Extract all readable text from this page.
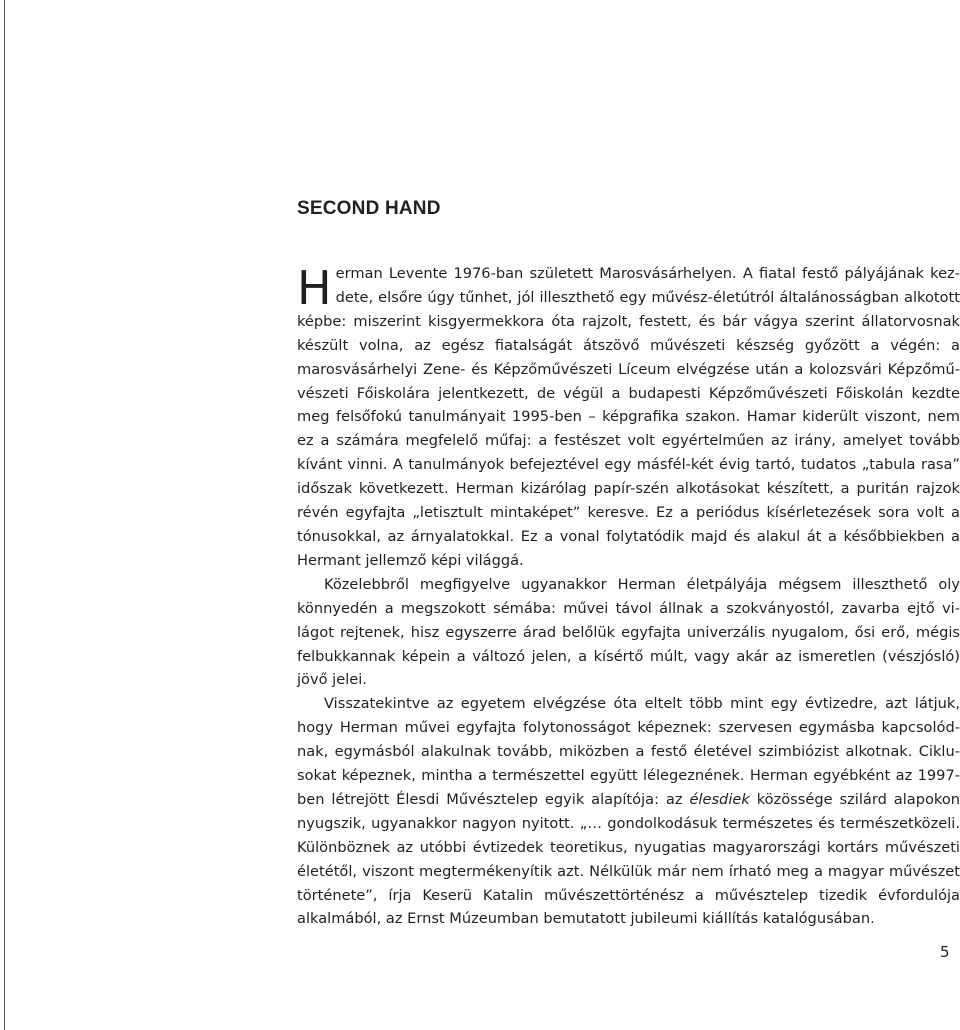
SECOND HAND

Herman Levente 1976-ban született Marosvásárhelyen. A fiatal festő pályájának kezdete, elsőre úgy tűnhet, jól illeszthető egy művész-életútról általánosságban alkotott képbe: miszerint kisgyermekkora óta rajzolt, festett, és bár vágya szerint állatorvosnak készült volna, az egész fiatalságát átszövő művészeti készség győzött a végén: a marosvásárhelyi Zene- és Képzőművészeti Líceum elvégzése után a kolozsvári Képzőművészeti Főiskolára jelentkezett, de végül a budapesti Képzőművészeti Főiskolán kezdte meg felsőfokú tanulmányait 1995-ben – képgrafika szakon. Hamar kiderült viszont, nem ez a számára megfelelő műfaj: a festészet volt egyértelműen az irány, amelyet tovább kívánt vinni. A tanulmányok befejeztével egy másfél-két évig tartó, tudatos „tabula rasa” időszak következett. Herman kizárólag papír-szén alkotásokat készített, a puritán rajzok révén egyfajta „letisztult mintaképet” keresve. Ez a periódus kísérletezések sora volt a tónusokkal, az árnyalatokkal. Ez a vonal folytatódik majd és alakul át a későbbiekben a Hermant jellemző képi világgá.

Közelebbről megfigyelve ugyanakkor Herman életpályája mégsem illeszthető oly könnyedén a megszokott sémába: művei távol állnak a szokványostól, zavarba ejtő világot rejtenek, hisz egyszerre árad belőlük egyfajta univerzális nyugalom, ősi erő, mégis felbukkannak képein a változó jelen, a kísértő múlt, vagy akár az ismeretlen (vészjósló) jövő jelei.

Visszatekintve az egyetem elvégzése óta eltelt több mint egy évtizedre, azt látjuk, hogy Herman művei egyfajta folytonosságot képeznek: szervesen egymásba kapcsolódnak, egymásból alakulnak tovább, miközben a festő életével szimbiózist alkotnak. Ciklusokat képeznek, mintha a természettel együtt lélegeznének. Herman egyébként az 1997-ben létrejött Élesdi Művésztelep egyik alapítója: az élesdiek közössége szilárd alapokon nyugszik, ugyanakkor nagyon nyitott. „… gondolkodásuk természetes és természetközeli. Különböznek az utóbbi évtizedek teoretikus, nyugatias magyarországi kortárs művészeti életétől, viszont megtermékenyítik azt. Nélkülük már nem írható meg a magyar művészet története”, írja Keserü Katalin művészettörténész a művésztelep tizedik évfordulója alkalmából, az Ernst Múzeumban bemutatott jubileumi kiállítás katalógusában.

5
